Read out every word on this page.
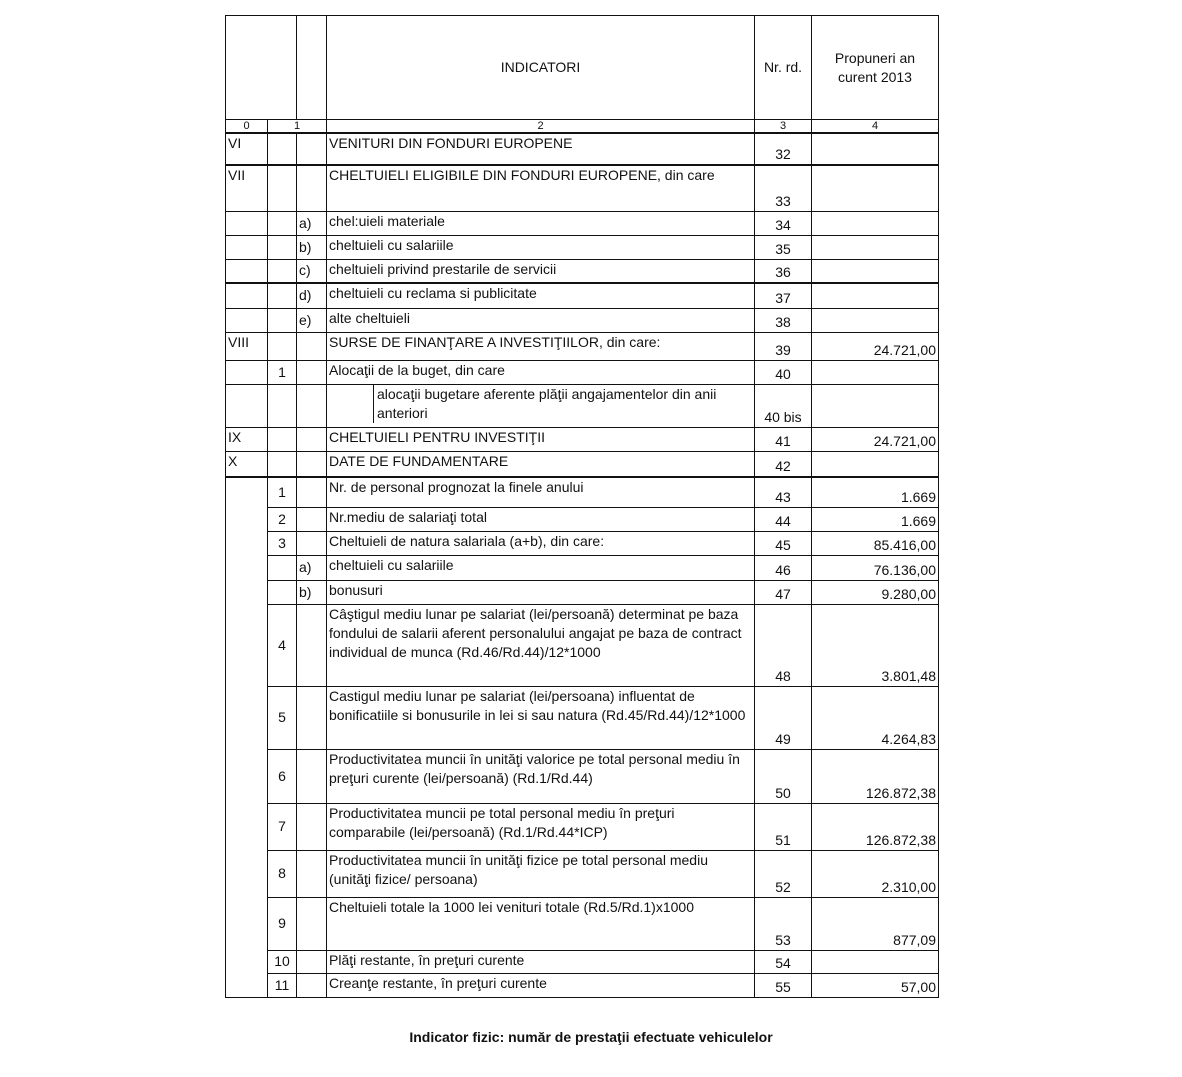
			INDICATORI	Nr. rd.	Propuneri an
curent 2013

0	1		2	3	4
VI			VENITURI DIN FONDURI EUROPENE	32	
VII			CHELTUIELI ELIGIBILE DIN FONDURI EUROPENE, din care	33	
		a)	chel:uieli materiale	34	
		b)	cheltuieli cu salariile	35	
		c)	cheltuieli privind prestarile de servicii	36	
		d)	cheltuieli cu reclama si publicitate	37	
		e)	alte cheltuieli	38	
VIII			SURSE DE FINANŢARE A INVESTIŢIILOR, din care:	39	24.721,00
	1		Alocaţii de la buget, din care	40	

			alocaţii bugetare aferente plăţii angajamentelor din anii anteriori	40 bis	
IX			CHELTUIELI PENTRU INVESTIŢII	41	24.721,00
X			DATE DE FUNDAMENTARE	42	
	1		Nr. de personal prognozat la finele anului	43	1.669
	2		Nr.mediu de salariaţi total	44	1.669
	3		Cheltuieli de natura salariala (a+b), din care:	45	85.416,00
		a)	cheltuieli cu salariile	46	76.136,00
		b)	bonusuri	47	9.280,00
	4		Câştigul mediu lunar pe salariat (lei/persoană) determinat pe baza fondului de salarii aferent personalului angajat pe baza de contract individual de munca (Rd.46/Rd.44)/12*1000	48	3.801,48
	5		Castigul mediu lunar pe salariat (lei/persoana) influentat de bonificatiile si bonusurile in lei si sau natura (Rd.45/Rd.44)/12*1000	49	4.264,83
	6		Productivitatea muncii în unităţi valorice pe total personal mediu în preţuri curente (lei/persoană) (Rd.1/Rd.44)	50	126.872,38
	7		Productivitatea muncii pe total personal mediu în preţuri comparabile (lei/persoană) (Rd.1/Rd.44*ICP)	51	126.872,38
	8		Productivitatea muncii în unităţi fizice pe total personal mediu (unităţi fizice/ persoana)	52	2.310,00
	9		Cheltuieli totale la 1000 lei venituri totale (Rd.5/Rd.1)x1000	53	877,09
	10		Plăţi restante, în preţuri curente	54	
	11		Creanţe restante, în preţuri curente	55	57,00
Indicator fizic: număr de prestaţii efectuate vehiculelor
